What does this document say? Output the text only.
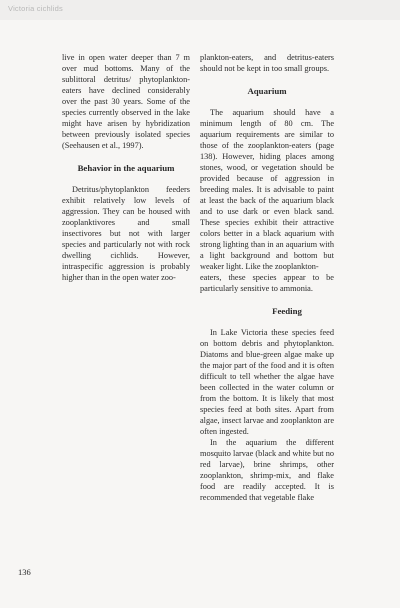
Victoria cichlids

live in open water deeper than 7 m over mud bottoms. Many of the sublittoral detritus/ phytoplankton-eaters have declined considerably over the past 30 years. Some of the species currently observed in the lake might have arisen by hybridization between previously isolated species (Seehausen et al., 1997).

Behavior in the aquarium

Detritus/phytoplankton feeders exhibit relatively low levels of aggression. They can be housed with zooplanktivores and small insectivores but not with larger species and particularly not with rock dwelling cichlids. However, intraspecific aggression is probably higher than in the open water zoo-

plankton-eaters, and detritus-eaters should not be kept in too small groups.

Aquarium

The aquarium should have a minimum length of 80 cm. The aquarium requirements are similar to those of the zooplankton-eaters (page 138). However, hiding places among stones, wood, or vegetation should be provided because of aggression in breeding males. It is advisable to paint at least the back of the aquarium black and to use dark or even black sand. These species exhibit their attractive colors better in a black aquarium with strong lighting than in an aquarium with a light background and bottom but weaker light. Like the zooplankton-

eaters, these species appear to be particularly sensitive to ammonia.

Feeding

In Lake Victoria these species feed on bottom debris and phytoplankton. Diatoms and blue-green algae make up the major part of the food and it is often difficult to tell whether the algae have been collected in the water column or from the bottom. It is likely that most species feed at both sites. Apart from algae, insect larvae and zooplankton are often ingested.

In the aquarium the different mosquito larvae (black and white but no red larvae), brine shrimps, other zooplankton, shrimp-mix, and flake food are readily accepted. It is recommended that vegetable flake

136
